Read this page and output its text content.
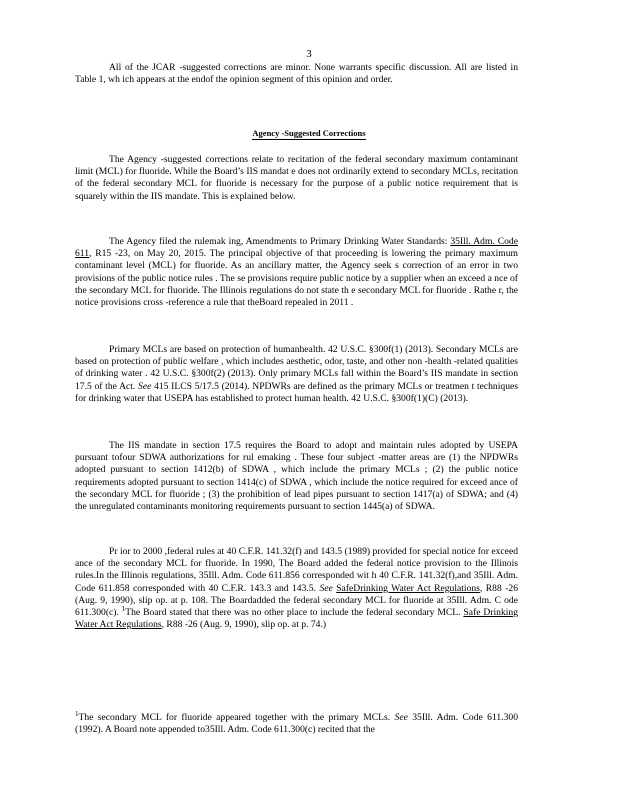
3

All of the JCAR -suggested corrections are minor. None warrants specific discussion. All are listed in Table 1, wh ich appears at the endof the opinion segment of this opinion and order.

Agency -Suggested Corrections

The Agency -suggested corrections relate to recitation of the federal secondary maximum contaminant limit (MCL) for fluoride. While the Board’s IIS mandat e does not ordinarily extend to secondary MCLs, recitation of the federal secondary MCL for fluoride is necessary for the purpose of a public notice requirement that is squarely within the IIS mandate. This is explained below.

The Agency filed the rulemak ing, Amendments to Primary Drinking Water Standards: 35Ill. Adm. Code 611, R15 -23, on May 20, 2015. The principal objective of that proceeding is lowering the primary maximum contaminant level (MCL) for fluoride. As an ancillary matter, the Agency seek s correction of an error in two provisions of the public notice rules . The se provisions require public notice by a supplier when an exceed a nce of the secondary MCL for fluoride. The Illinois regulations do not state th e secondary MCL for fluoride . Rathe r, the notice provisions cross -reference a rule that theBoard repealed in 2011 .

Primary MCLs are based on protection of humanhealth. 42 U.S.C. §300f(1) (2013). Secondary MCLs are based on protection of public welfare , which includes aesthetic, odor, taste, and other non -health -related qualities of drinking water . 42 U.S.C. §300f(2) (2013). Only primary MCLs fall within the Board’s IIS mandate in section 17.5 of the Act. See 415 ILCS 5/17.5 (2014). NPDWRs are defined as the primary MCLs or treatmen t techniques for drinking water that USEPA has established to protect human health. 42 U.S.C. §300f(1)(C) (2013).

The IIS mandate in section 17.5 requires the Board to adopt and maintain rules adopted by USEPA pursuant tofour SDWA authorizations for rul emaking . These four subject -matter areas are (1) the NPDWRs adopted pursuant to section 1412(b) of SDWA , which include the primary MCLs ; (2) the public notice requirements adopted pursuant to section 1414(c) of SDWA , which include the notice required for exceed ance of the secondary MCL for fluoride ; (3) the prohibition of lead pipes pursuant to section 1417(a) of SDWA; and (4) the unregulated contaminants monitoring requirements pursuant to section 1445(a) of SDWA.

Pr ior to 2000 ,federal rules at 40 C.F.R. 141.32(f) and 143.5 (1989) provided for special notice for exceed ance of the secondary MCL for fluoride. In 1990, The Board added the federal notice provision to the Illinois rules.In the Illinois regulations, 35Ill. Adm. Code 611.856 corresponded wit h 40 C.F.R. 141.32(f),and 35Ill. Adm. Code 611.858 corresponded with 40 C.F.R. 143.3 and 143.5. See SafeDrinking Water Act Regulations, R88 -26 (Aug. 9, 1990), slip op. at p. 108. The Boardadded the federal secondary MCL for fluoride at 35Ill. Adm. C ode 611.300(c). $^1$The Board stated that there was no other place to include the federal secondary MCL. Safe Drinking Water Act Regulations, R88 -26 (Aug. 9, 1990), slip op. at p. 74.)

$^1$The secondary MCL for fluoride appeared together with the primary MCLs. See 35Ill. Adm. Code 611.300 (1992). A Board note appended to35Ill. Adm. Code 611.300(c) recited that the
